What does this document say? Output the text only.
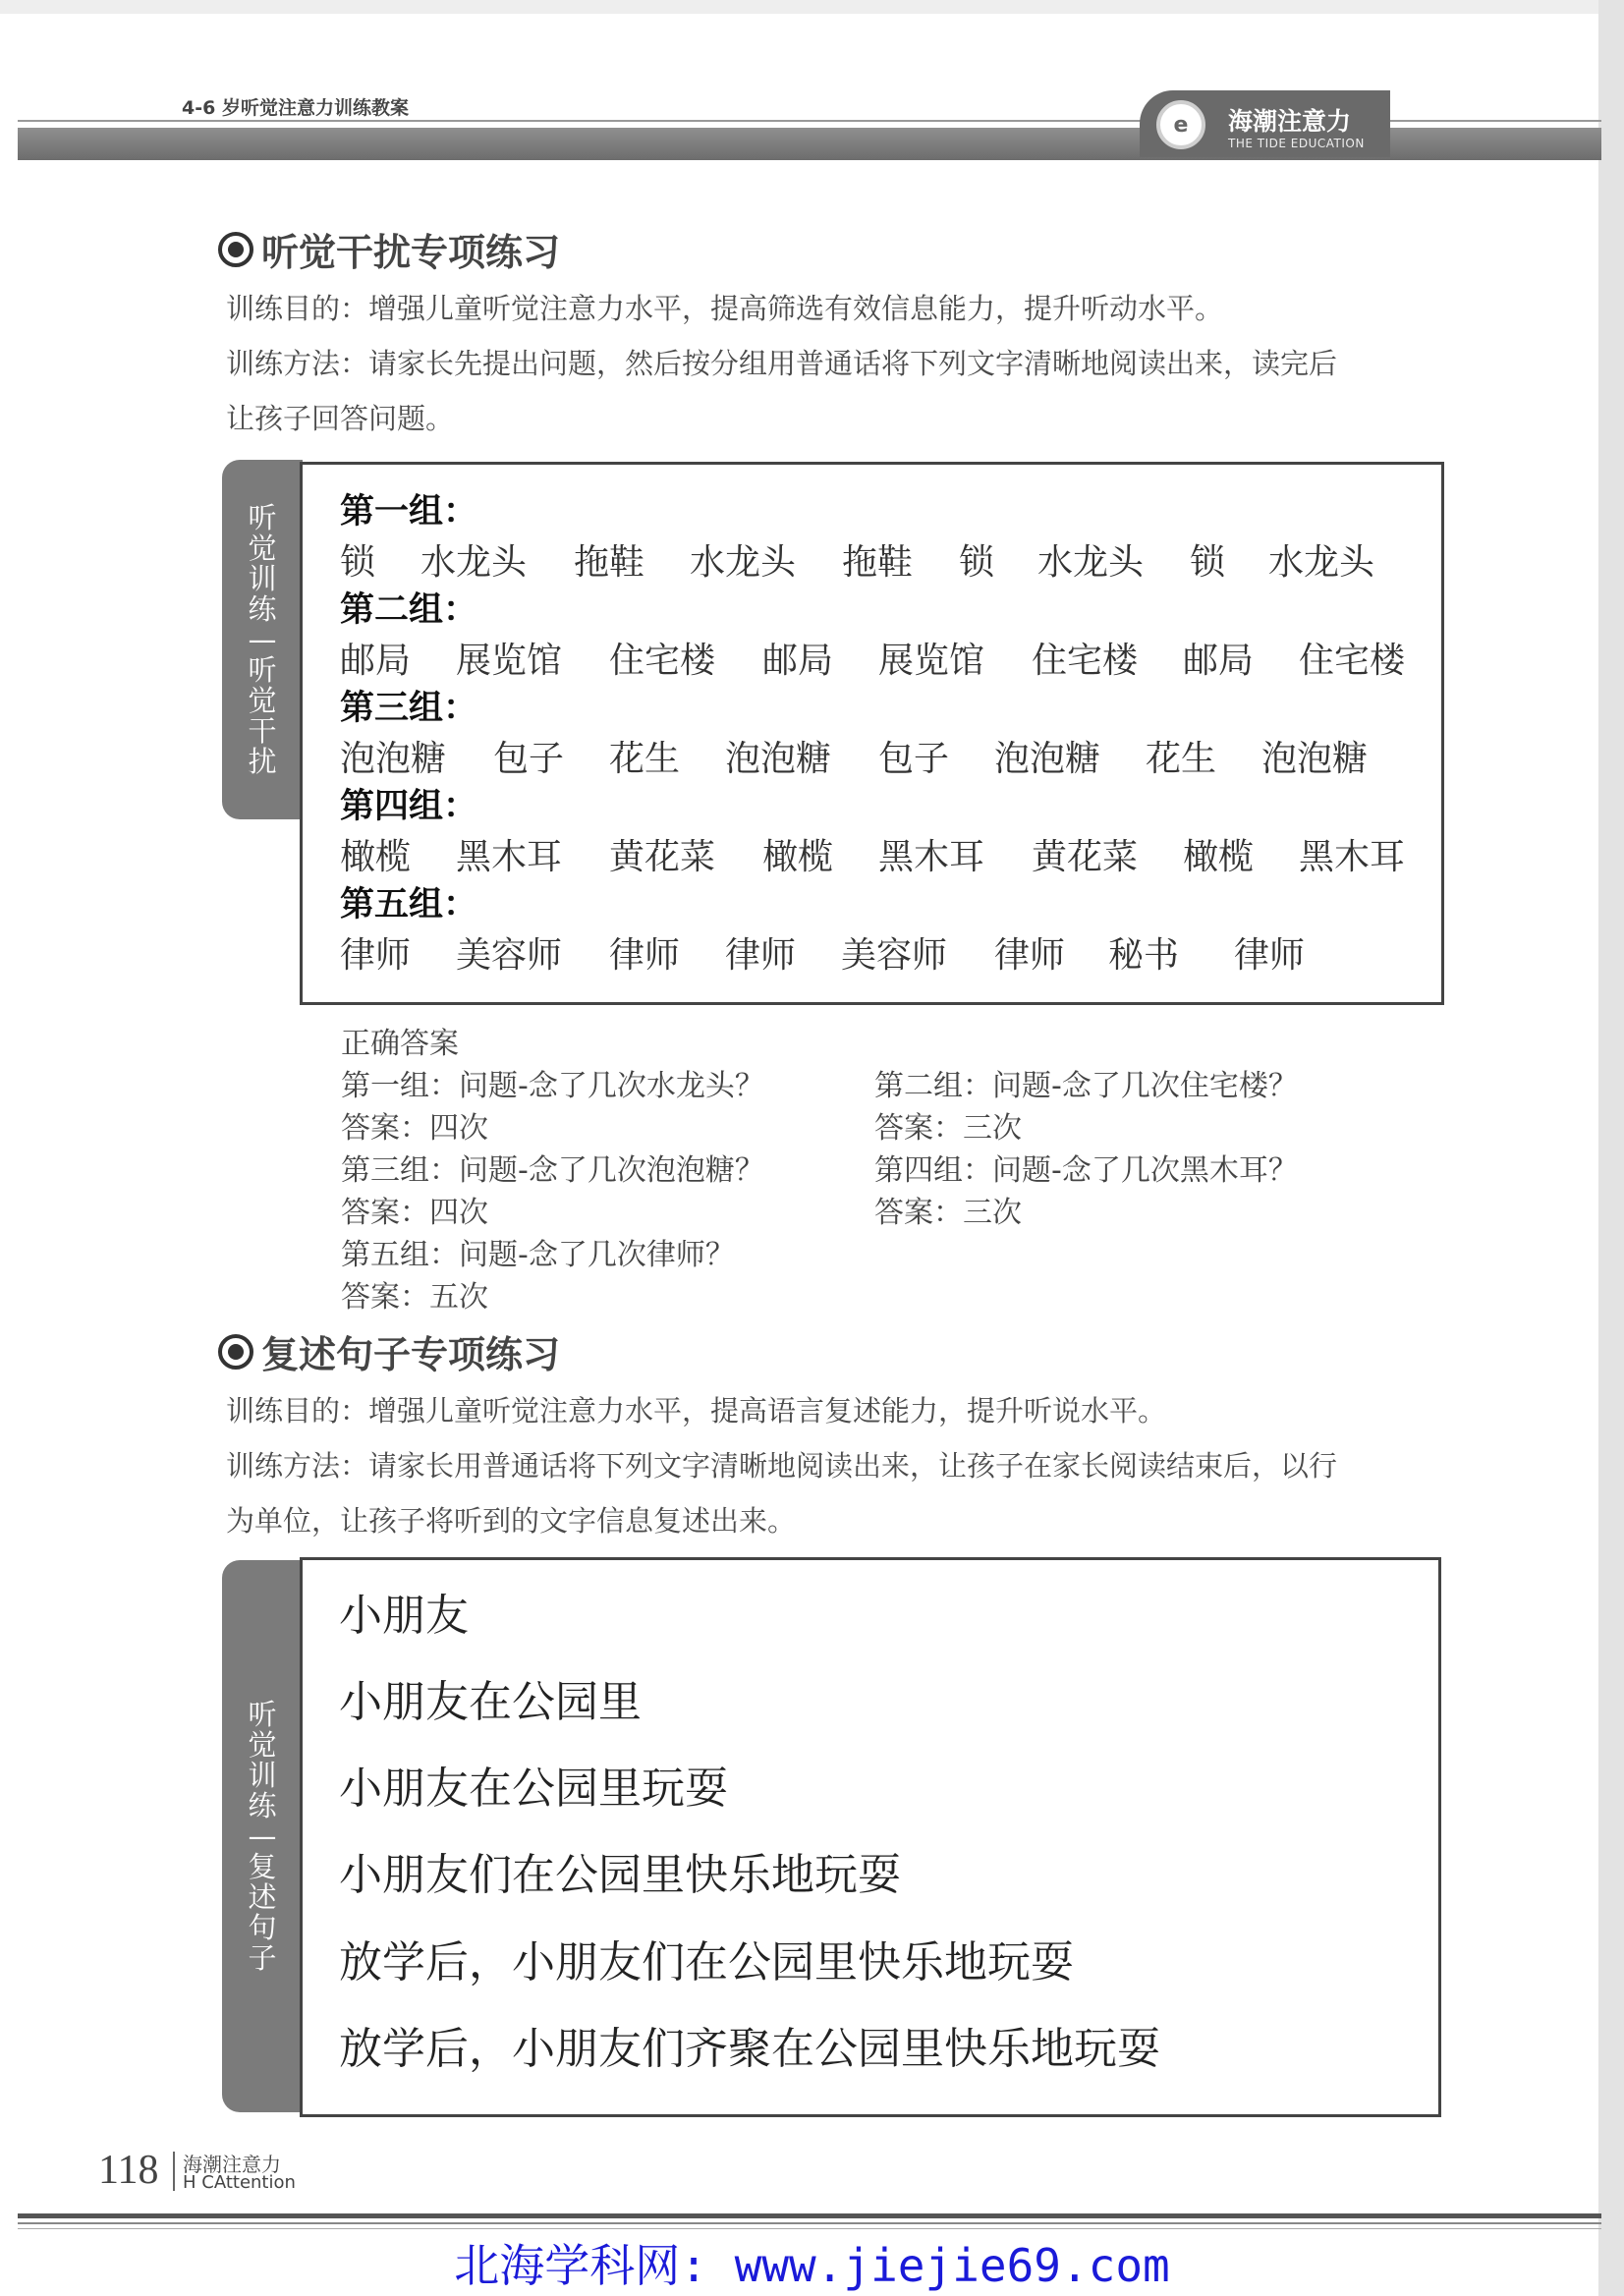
4-6 岁听觉注意力训练教案
e 海潮注意力
THE TIDE EDUCATION
听觉干扰专项练习
训练目的：增强儿童听觉注意力水平，提高筛选有效信息能力，提升听动水平。
训练方法：请家长先提出问题，然后按分组用普通话将下列文字清晰地阅读出来，读完后
让孩子回答问题。
听
觉
训
练
—
听
觉
干
扰
第一组：
锁 水龙头 拖鞋 水龙头 拖鞋 锁 水龙头 锁 水龙头
第二组：
邮局 展览馆 住宅楼 邮局 展览馆 住宅楼 邮局 住宅楼
第三组：
泡泡糖 包子 花生 泡泡糖 包子 泡泡糖 花生 泡泡糖
第四组：
橄榄 黑木耳 黄花菜 橄榄 黑木耳 黄花菜 橄榄 黑木耳
第五组：
律师 美容师 律师 律师 美容师 律师 秘书 律师
正确答案
第一组：问题-念了几次水龙头？
答案：四次
第二组：问题-念了几次住宅楼？
答案：三次
第三组：问题-念了几次泡泡糖？
答案：四次
第四组：问题-念了几次黑木耳？
答案：三次
第五组：问题-念了几次律师？
答案：五次
复述句子专项练习
训练目的：增强儿童听觉注意力水平，提高语言复述能力，提升听说水平。
训练方法：请家长用普通话将下列文字清晰地阅读出来，让孩子在家长阅读结束后，以行
为单位，让孩子将听到的文字信息复述出来。
听
觉
训
练
—
复
述
句
子
小朋友
小朋友在公园里
小朋友在公园里玩耍
小朋友们在公园里快乐地玩耍
放学后，小朋友们在公园里快乐地玩耍
放学后，小朋友们齐聚在公园里快乐地玩耍
118 海潮注意力
H CAttention
北海学科网: www.jiejie69.com
